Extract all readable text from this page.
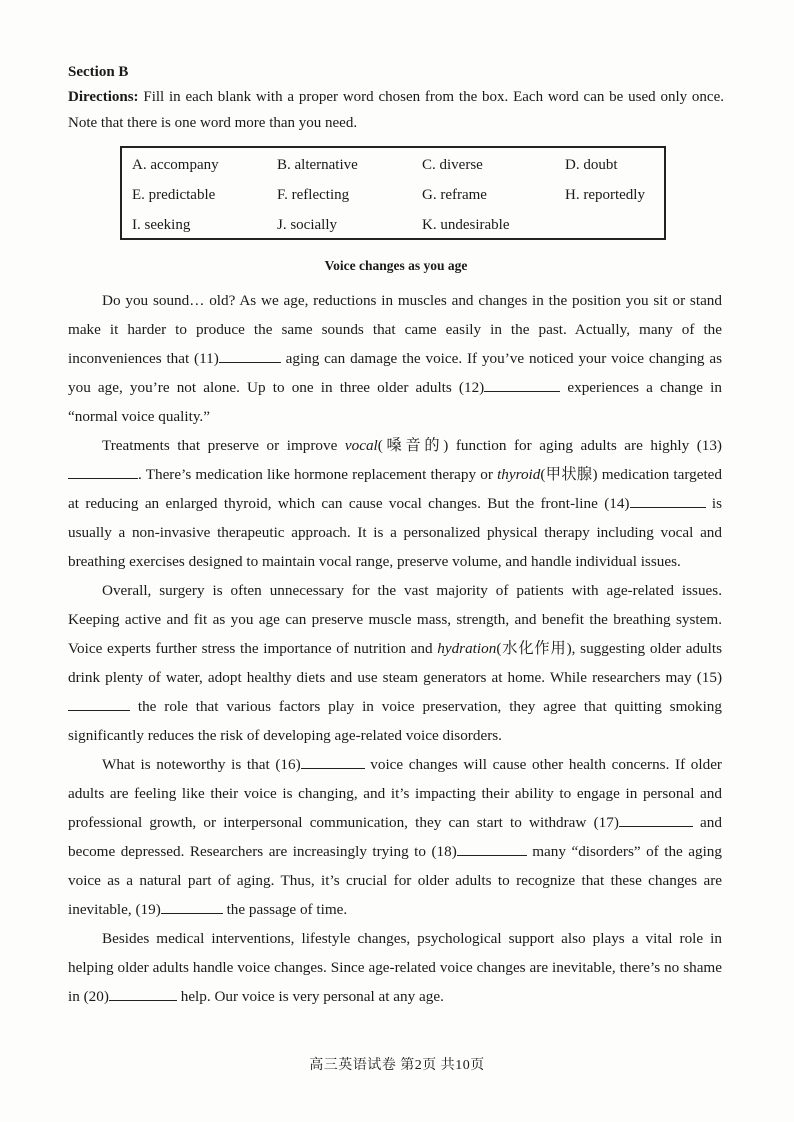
Section B

Directions: Fill in each blank with a proper word chosen from the box. Each word can be used only once. Note that there is one word more than you need.

A. accompany	B. alternative	C. diverse	D. doubt
E. predictable	F. reflecting	G. reframe	H. reportedly
I. seeking	J. socially	K. undesirable

Voice changes as you age

Do you sound… old? As we age, reductions in muscles and changes in the position you sit or stand make it harder to produce the same sounds that came easily in the past. Actually, many of the inconveniences that (11)	aging can damage the voice. If you’ve noticed your voice changing as you age, you’re not alone. Up to one in three older adults (12)	experiences a change in “normal voice quality.”

Treatments that preserve or improve vocal(嗓音的) function for aging adults are highly (13). There’s medication like hormone replacement therapy or thyroid(甲状腺) medication targeted at reducing an enlarged thyroid, which can cause vocal changes. But the front-line (14)	is usually a non-invasive therapeutic approach. It is a personalized physical therapy including vocal and breathing exercises designed to maintain vocal range, preserve volume, and handle individual issues.

Overall, surgery is often unnecessary for the vast majority of patients with age-related issues. Keeping active and fit as you age can preserve muscle mass, strength, and benefit the breathing system. Voice experts further stress the importance of nutrition and hydration(水化作用), suggesting older adults drink plenty of water, adopt healthy diets and use steam generators at home. While researchers may (15) the role that various factors play in voice preservation, they agree that quitting smoking significantly reduces the risk of developing age-related voice disorders.

What is noteworthy is that (16)	voice changes will cause other health concerns. If older adults are feeling like their voice is changing, and it’s impacting their ability to engage in personal and professional growth, or interpersonal communication, they can start to withdraw (17)	and become depressed. Researchers are increasingly trying to (18)	many “disorders” of the aging voice as a natural part of aging. Thus, it’s crucial for older adults to recognize that these changes are inevitable, (19)	the passage of time.

Besides medical interventions, lifestyle changes, psychological support also plays a vital role in helping older adults handle voice changes. Since age-related voice changes are inevitable, there’s no shame in (20)	help. Our voice is very personal at any age.

高三英语试卷 第2页 共10页
